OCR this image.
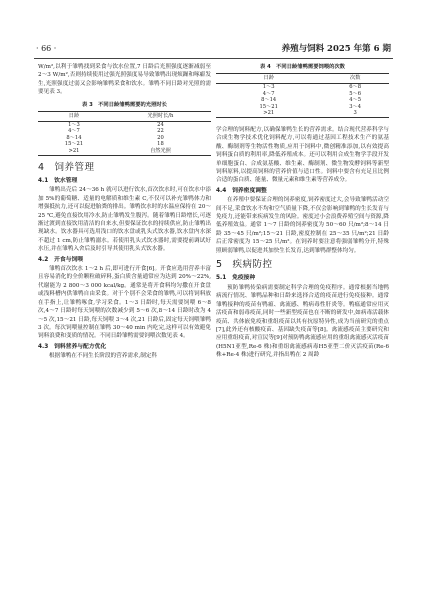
· 66 ·	养殖与饲料 2025 年第 6 期

W/m²,以利于雏鸭找到采食与饮水位置,7 日龄后光照强度逐渐减弱至2～3 W/m²,否则持续使用过强光照强度易导致雏鸭出现烦躁和啄癖发生,光照强度过弱又会影响雏鸭采食和饮水。雏鸭不同日龄对光照的需要见表 3。

表 3　不同日龄雏鸭需要的光照时长
日龄	光照时长/h
1～3	24
4～7	22
8～14	20
15～21	18
>21	自然光照
4　饲养管理
4.1　饮水管理

雏鸭出壳后 24～36 h 就可以进行饮水,首次饮水时,可在饮水中添加 5%的葡萄糖、适量的电解质和维生素 C,不仅可以补充雏鸭体力和增强抵抗力,还可以促进胎粪的排出。雏鸭饮水时的水温应保持在 20～25 ℃,避免直接饮用冷水,防止雏鸭发生腹泻。随着雏鸭日龄增长,可逐渐过渡到直接饮用清洁的自来水,但要保证饮水的持续供应,防止雏鸭出现缺水。饮水器具可选用浅口的饮水盘或乳头式饮水器,饮水盘内水深不超过 1 cm,防止雏鸭溺水。若使用乳头式饮水器时,需要提前调试好水压,并在雏鸭入舍后及时引导其使用乳头式饮水器。

4.2　开食与饲喂

雏鸭首次饮水 1～2 h 后,即可进行开食[6]。开食应选用营养丰富且容易消化的全价颗粒破碎料,蛋白质含量通常应为达到 20%～22%,代谢能为 2 800～3 000 kcal/kg。通常是将开食料均匀撒在开食盘或浅料槽内供雏鸭自由采食。对于个别不会采食的雏鸭,可以将饲料放在手指上,让雏鸭啄食,学习采食。1～3 日龄时,每天需要饲喂 6～8 次,4～7 日龄时每天饲喂的次数减少到 5～6 次,8～14 日龄时改为 4～5 次,15～21 日龄,每天饲喂 3～4 次,21 日龄后,固定每天饲喂雏鸭 3 次。每次饲喂量控制在雏鸭 30～40 min 内吃完,这样可以有效避免饲料浪费和变质的情况。不同日龄雏鸭需要饲喂次数见表 4。

4.3　饲料营养与配方优化

根据雏鸭在不同生长阶段的营养需求,制定科

表 4　不同日龄雏鸭需要饲喂的次数
日龄	次数
1～3	6～8
4～7	5～6
8～14	4～5
15～21	3～4
>21	3

学合理的饲料配方,以确保雏鸭生长的营养需求。结合现代营养科学与合成生物学技术优化饲料配方,可以将通过基因工程技术生产的氨基酸、酶制剂等生物活性物质,应用于饲料中,微创精准添加,以有效提高饲料蛋白质的利用率,降低养殖成本。还可以利用合成生物学手段开发单细胞蛋白、合成氨基酸、维生素、酶制剂、微生物发酵饲料等新型饲料原料,以提高饲料的营养价值与适口性。饲料中要含有充足且比例合适的蛋白质、能量、微量元素和维生素等营养成分。

4.4　饲养密度调整

在养殖中要保证合理的饲养密度,饲养密度过大,会导致雏鸭活动空间不足,采食饮水不均和空气质量下降,不仅会影响到雏鸭的生长发育与免疫力,还能带来疾病发生的风险。密度过小会浪费养殖空间与资源,降低养殖效益。通常 1～7 日龄的饲养密度为 50～60 只/m²;8～14 日龄 35～45 只/m²;15～21 日龄,密度控制在 25～35 只/m²;21 日龄后正常密度为 15～25 只/m²。在饲养时要注意将强弱雏鸭分开,特殊照顾弱雏鸭,以促进其加快生长发育,达到雏鸭群整体均匀。

5　疾病防控
5.1　免疫接种

预防雏鸭传染病需要制定科学合理的免疫程序。通常根据当地鸭病流行情况、雏鸭品种和日龄来选择合适的疫苗进行免疫接种。通常雏鸭接种的疫苗有鸭瘟、禽流感、鸭病毒性肝炎等。鸭瘟通常应用灭活疫苗和弱毒疫苗,同时一些新型疫苗也在不断的研发中,如病毒活载体疫苗、共体嵌免疫和重组疫苗以其有抗原特异性,成为当前研究的重点[7],此外还有核酸疫苗、基因缺失疫苗等[8]。禽流感疫苗主要研究和应用重组疫苗,对宣民等[9]对预防鸭禽流感应用的重组禽流感灭活疫苗(H5N1亚型,Re-6 株)和重组禽流感病毒H5亚型二价灭活疫苗(Re-6 株+Re-4 株)进行研究,并指出鸭在 2 周龄
